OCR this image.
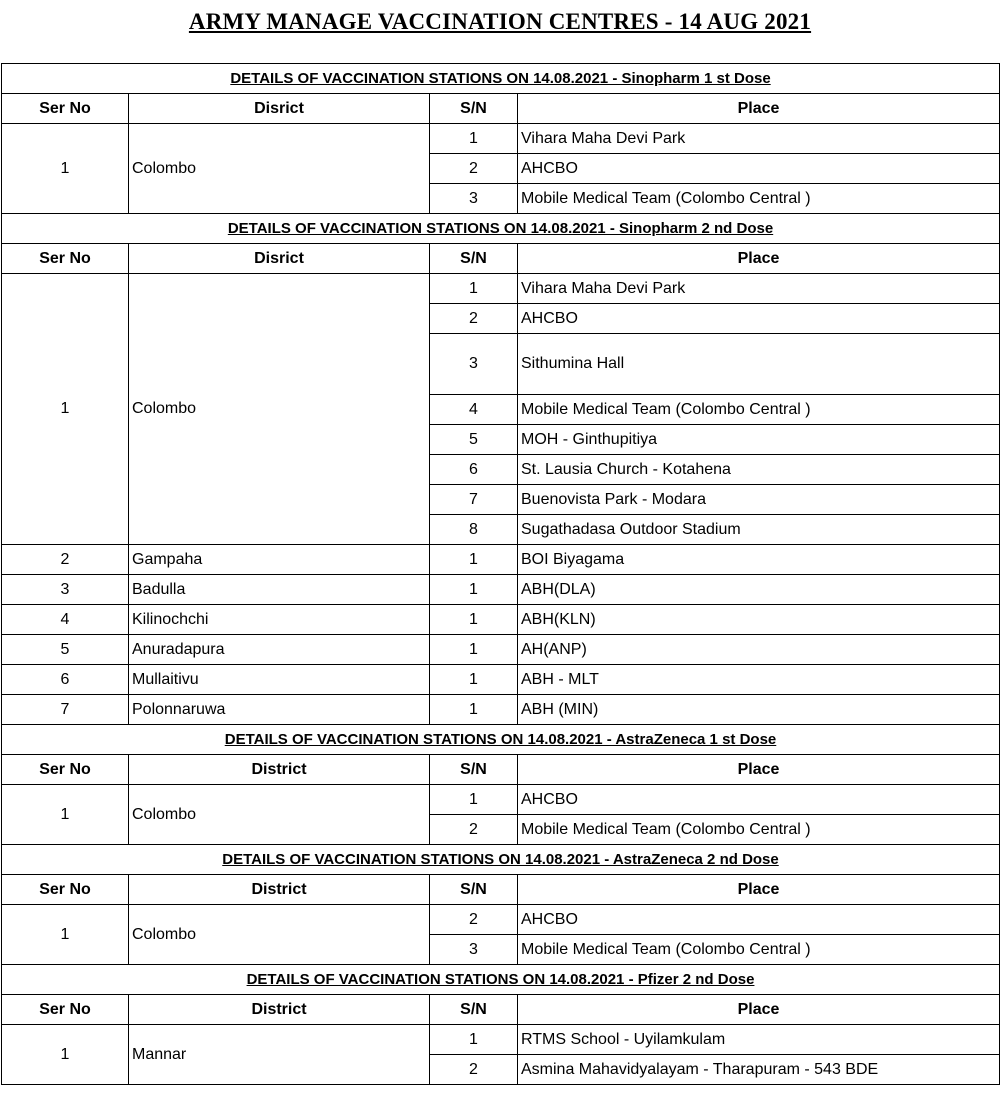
ARMY MANAGE VACCINATION CENTRES - 14 AUG 2021
DETAILS OF VACCINATION STATIONS ON 14.08.2021 - Sinopharm 1 st Dose			
Ser No	Disrict	S/N	Place
1	Colombo	1	Vihara Maha Devi Park
		2	AHCBO
		3	Mobile Medical Team (Colombo Central )
DETAILS OF VACCINATION STATIONS ON 14.08.2021 - Sinopharm 2 nd Dose			
Ser No	Disrict	S/N	Place
1	Colombo	1	Vihara Maha Devi Park
		2	AHCBO
		3	Sithumina Hall
		4	Mobile Medical Team (Colombo Central )
		5	MOH - Ginthupitiya
		6	St. Lausia Church - Kotahena
		7	Buenovista Park - Modara
		8	Sugathadasa Outdoor Stadium
2	Gampaha	1	BOI Biyagama
3	Badulla	1	ABH(DLA)
4	Kilinochchi	1	ABH(KLN)
5	Anuradapura	1	AH(ANP)
6	Mullaitivu	1	ABH - MLT
7	Polonnaruwa	1	ABH (MIN)
DETAILS OF VACCINATION STATIONS ON 14.08.2021 - AstraZeneca 1 st Dose			
Ser No	District	S/N	Place
1	Colombo	1	AHCBO
		2	Mobile Medical Team (Colombo Central )
DETAILS OF VACCINATION STATIONS ON 14.08.2021 - AstraZeneca 2 nd Dose			
Ser No	District	S/N	Place
1	Colombo	2	AHCBO
		3	Mobile Medical Team (Colombo Central )
DETAILS OF VACCINATION STATIONS ON 14.08.2021 - Pfizer 2 nd Dose			
Ser No	District	S/N	Place
1	Mannar	1	RTMS School - Uyilamkulam
		2	Asmina Mahavidyalayam - Tharapuram - 543 BDE
